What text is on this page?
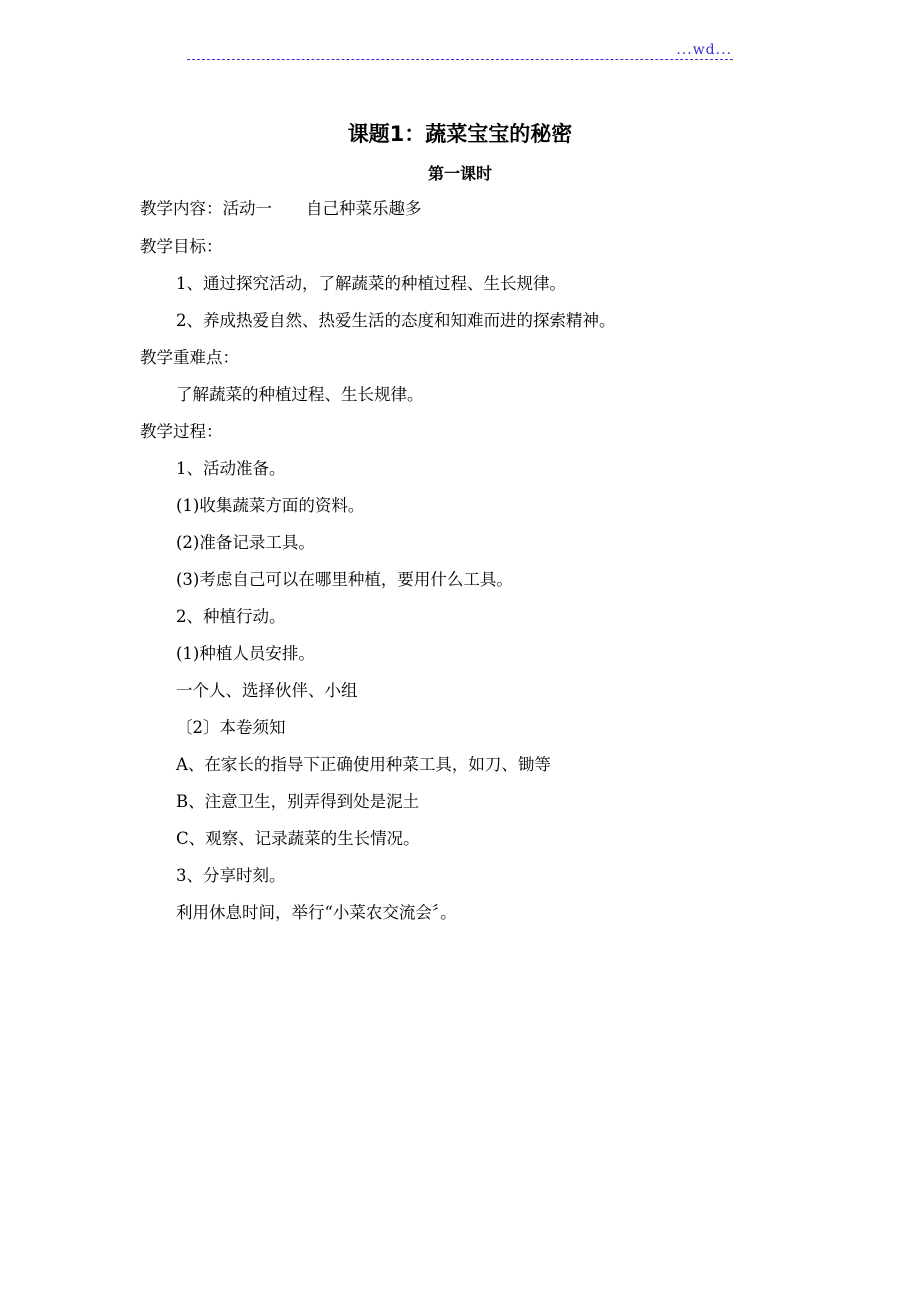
...wd...
课题1：蔬菜宝宝的秘密
第一课时
教学内容：活动一 自己种菜乐趣多
教学目标：
1、通过探究活动，了解蔬菜的种植过程、生长规律。
2、养成热爱自然、热爱生活的态度和知难而进的探索精神。
教学重难点：
了解蔬菜的种植过程、生长规律。
教学过程：
1、活动准备。
(1)收集蔬菜方面的资料。
(2)准备记录工具。
(3)考虑自己可以在哪里种植，要用什么工具。
2、种植行动。
(1)种植人员安排。
一个人、选择伙伴、小组
〔2〕本卷须知
A、在家长的指导下正确使用种菜工具，如刀、锄等
B、注意卫生，别弄得到处是泥土
C、观察、记录蔬菜的生长情况。
3、分享时刻。
利用休息时间，举行“小菜农交流会〞。
